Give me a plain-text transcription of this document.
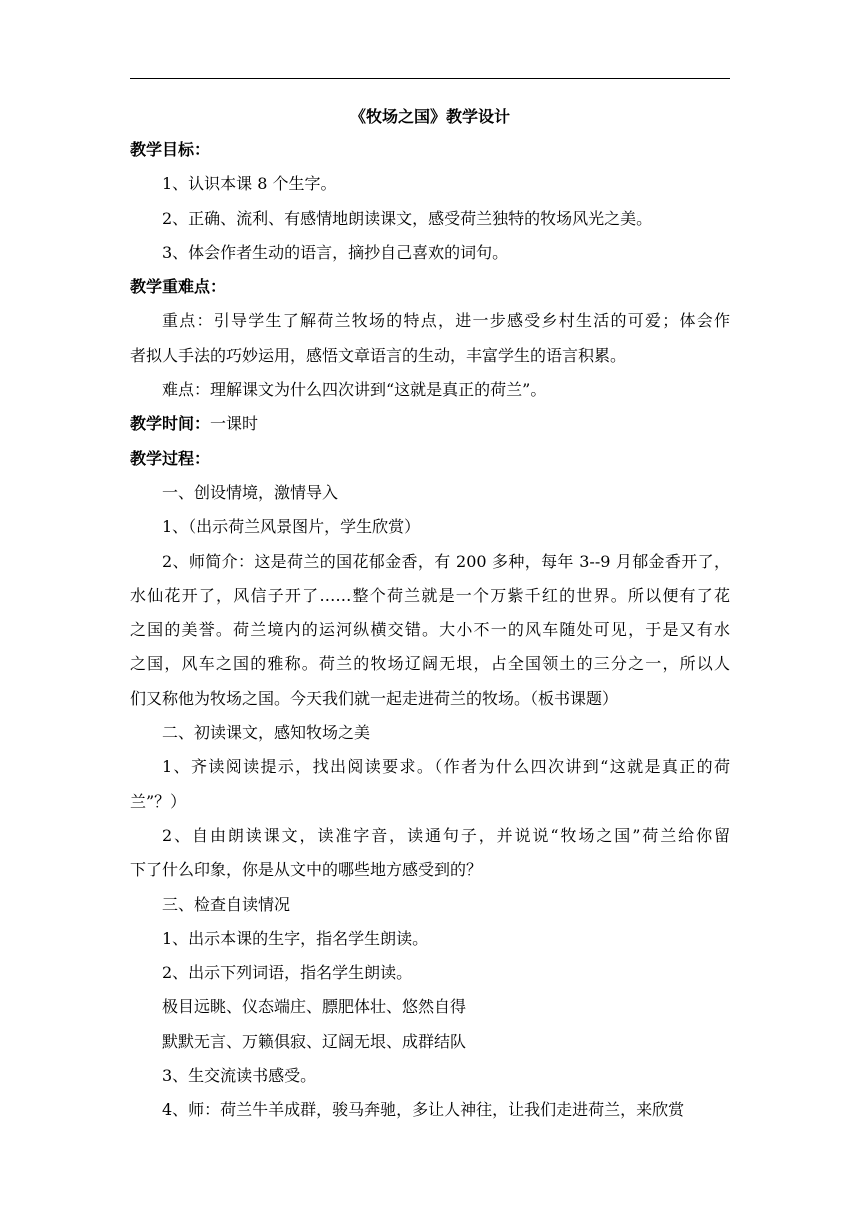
《牧场之国》教学设计

教学目标：

1、认识本课 8 个生字。

2、正确、流利、有感情地朗读课文，感受荷兰独特的牧场风光之美。

3、体会作者生动的语言，摘抄自己喜欢的词句。

教学重难点：

重点：引导学生了解荷兰牧场的特点，进一步感受乡村生活的可爱；体会作
者拟人手法的巧妙运用，感悟文章语言的生动，丰富学生的语言积累。

难点：理解课文为什么四次讲到“这就是真正的荷兰”。

教学时间：一课时

教学过程：

一、创设情境，激情导入

1、（出示荷兰风景图片，学生欣赏）

2、师简介：这是荷兰的国花郁金香，有 200 多种，每年 3--9 月郁金香开了，
水仙花开了，风信子开了……整个荷兰就是一个万紫千红的世界。所以便有了花
之国的美誉。荷兰境内的运河纵横交错。大小不一的风车随处可见，于是又有水
之国，风车之国的雅称。荷兰的牧场辽阔无垠，占全国领土的三分之一，所以人
们又称他为牧场之国。今天我们就一起走进荷兰的牧场。（板书课题）

二、初读课文，感知牧场之美

1、齐读阅读提示，找出阅读要求。（作者为什么四次讲到“这就是真正的荷
兰”？）
2、自由朗读课文，读准字音，读通句子，并说说“牧场之国”荷兰给你留
下了什么印象，你是从文中的哪些地方感受到的？

三、检查自读情况

1、出示本课的生字，指名学生朗读。

2、出示下列词语，指名学生朗读。

极目远眺、仪态端庄、膘肥体壮、悠然自得

默默无言、万籁俱寂、辽阔无垠、成群结队

3、生交流读书感受。

4、师：荷兰牛羊成群，骏马奔驰，多让人神往，让我们走进荷兰，来欣赏
